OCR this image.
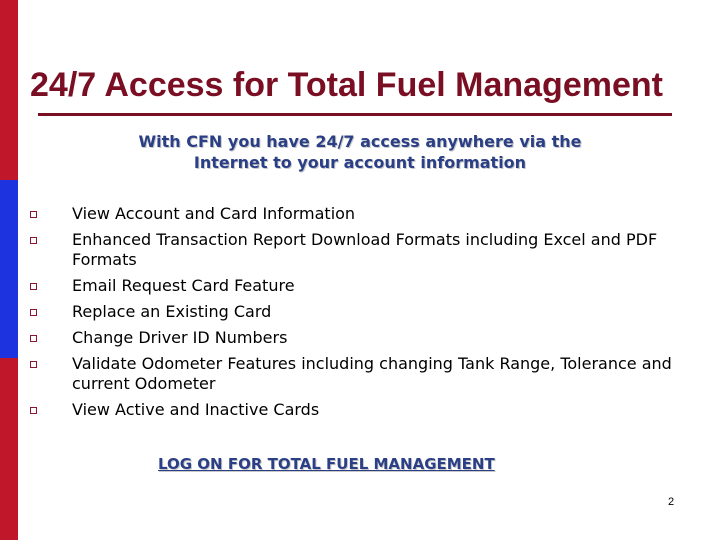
24/7 Access for Total Fuel Management
With CFN you have 24/7 access anywhere via the
Internet to your account information
View Account and Card Information
Enhanced Transaction Report Download Formats including Excel and PDF Formats
Email Request Card Feature
Replace an Existing Card
Change Driver ID Numbers
Validate Odometer Features including changing Tank Range, Tolerance and current Odometer
View Active and Inactive Cards
LOG ON FOR TOTAL FUEL MANAGEMENT
2
